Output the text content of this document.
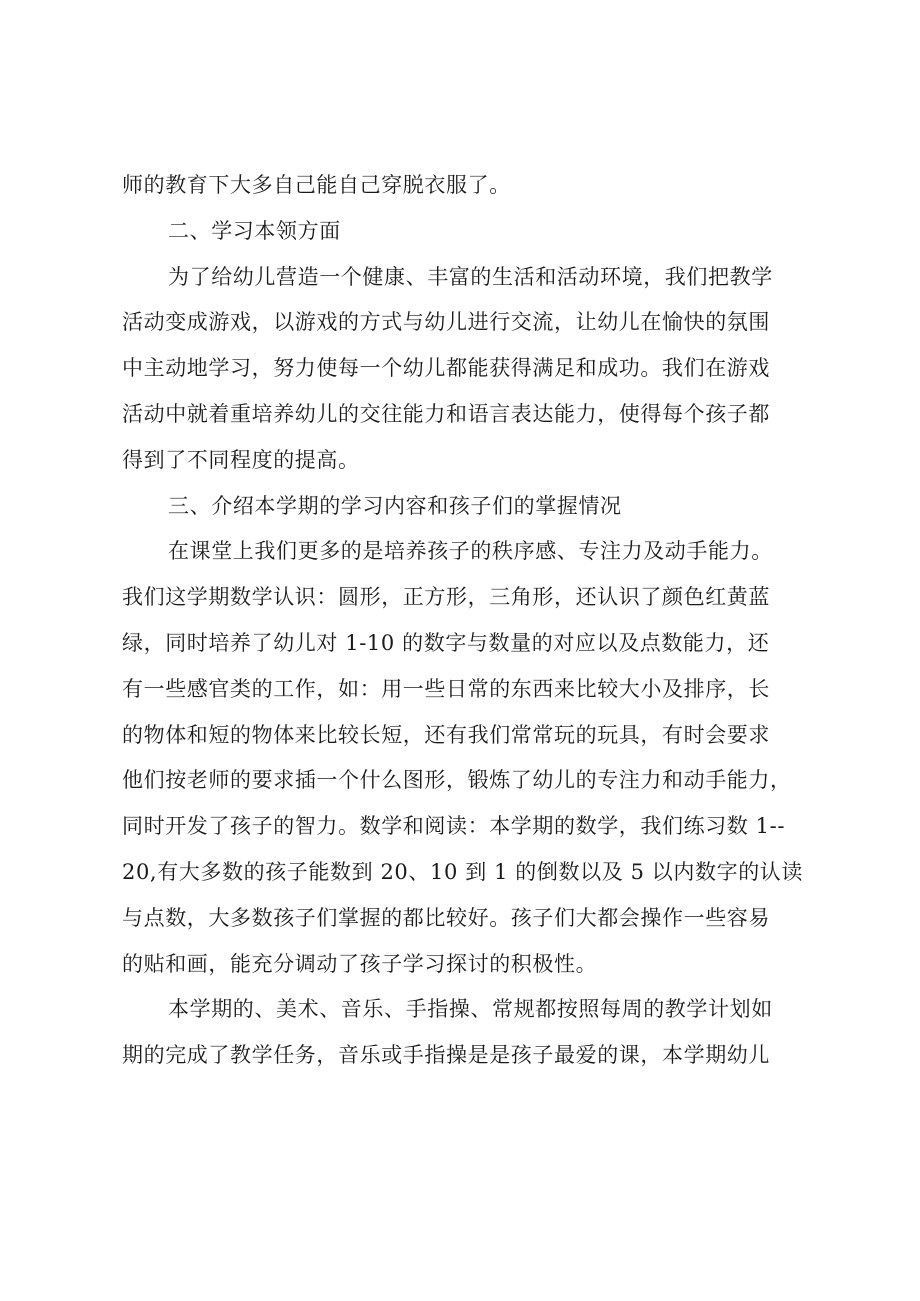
师的教育下大多自己能自己穿脱衣服了。

二、学习本领方面

为了给幼儿营造一个健康、丰富的生活和活动环境，我们把教学
活动变成游戏，以游戏的方式与幼儿进行交流，让幼儿在愉快的氛围
中主动地学习，努力使每一个幼儿都能获得满足和成功。我们在游戏
活动中就着重培养幼儿的交往能力和语言表达能力，使得每个孩子都
得到了不同程度的提高。

三、介绍本学期的学习内容和孩子们的掌握情况

在课堂上我们更多的是培养孩子的秩序感、专注力及动手能力。
我们这学期数学认识：圆形，正方形，三角形，还认识了颜色红黄蓝
绿，同时培养了幼儿对 1-10 的数字与数量的对应以及点数能力，还
有一些感官类的工作，如：用一些日常的东西来比较大小及排序，长
的物体和短的物体来比较长短，还有我们常常玩的玩具，有时会要求
他们按老师的要求插一个什么图形，锻炼了幼儿的专注力和动手能力，
同时开发了孩子的智力。数学和阅读：本学期的数学，我们练习数 1--
20,有大多数的孩子能数到 20、10 到 1 的倒数以及 5 以内数字的认读
与点数，大多数孩子们掌握的都比较好。孩子们大都会操作一些容易
的贴和画，能充分调动了孩子学习探讨的积极性。

本学期的、美术、音乐、手指操、常规都按照每周的教学计划如
期的完成了教学任务，音乐或手指操是是孩子最爱的课，本学期幼儿
